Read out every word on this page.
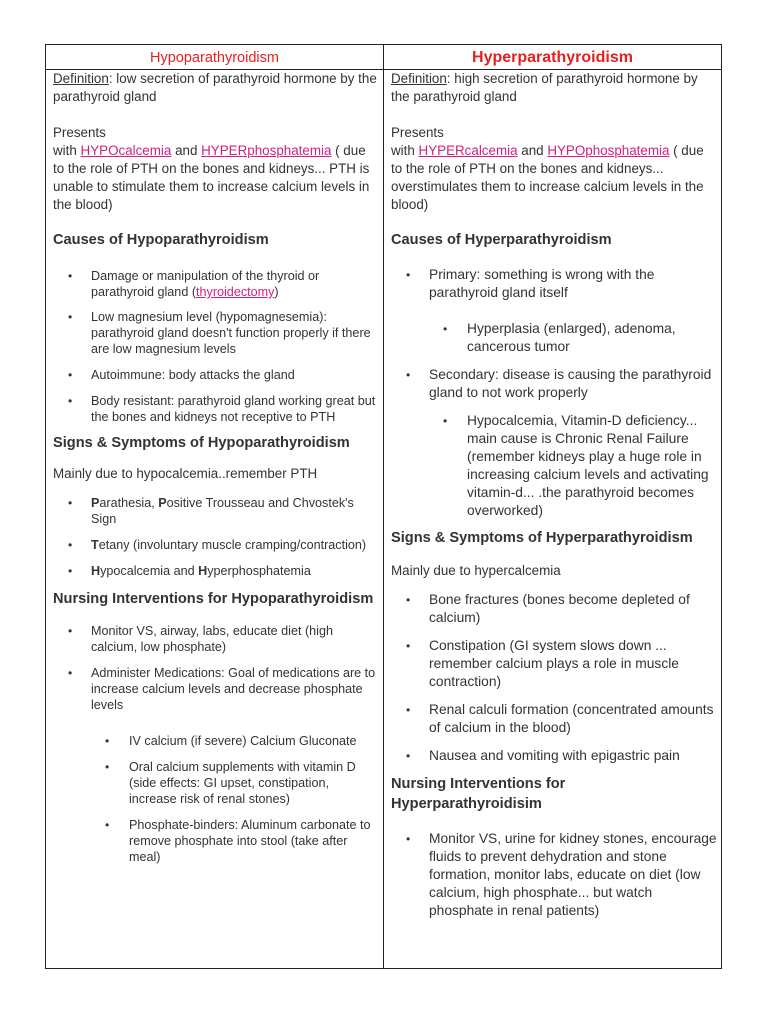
Hypoparathyroidism	Hyperparathyroidism

Definition: low secretion of parathyroid hormone by the parathyroid gland

Presents

with HYPOcalcemia and HYPERphosphatemia ( due to the role of PTH on the bones and kidneys... PTH is unable to stimulate them to increase calcium levels in the blood)

Causes of Hypoparathyroidism

• Damage or manipulation of the thyroid or parathyroid gland (thyroidectomy)
• Low magnesium level (hypomagnesemia): parathyroid gland doesn't function properly if there are low magnesium levels
• Autoimmune: body attacks the gland
• Body resistant: parathyroid gland working great but the bones and kidneys not receptive to PTH

Signs & Symptoms of Hypoparathyroidism

Mainly due to hypocalcemia..remember PTH

• Parathesia, Positive Trousseau and Chvostek's Sign
• Tetany (involuntary muscle cramping/contraction)
• Hypocalcemia and Hyperphosphatemia

Nursing Interventions for Hypoparathyroidism

• Monitor VS, airway, labs, educate diet (high calcium, low phosphate)
• Administer Medications: Goal of medications are to increase calcium levels and decrease phosphate levels
• IV calcium (if severe) Calcium Gluconate
• Oral calcium supplements with vitamin D (side effects: GI upset, constipation, increase risk of renal stones)
• Phosphate-binders: Aluminum carbonate to remove phosphate into stool (take after meal)

Definition: high secretion of parathyroid hormone by the parathyroid gland

Presents

with HYPERcalcemia and HYPOphosphatemia ( due to the role of PTH on the bones and kidneys... overstimulates them to increase calcium levels in the blood)

Causes of Hyperparathyroidism

• Primary: something is wrong with the parathyroid gland itself
• Hyperplasia (enlarged), adenoma, cancerous tumor
• Secondary: disease is causing the parathyroid gland to not work properly
• Hypocalcemia, Vitamin-D deficiency... main cause is Chronic Renal Failure (remember kidneys play a huge role in increasing calcium levels and activating vitamin-d... .the parathyroid becomes overworked)

Signs & Symptoms of Hyperparathyroidism

Mainly due to hypercalcemia

• Bone fractures (bones become depleted of calcium)
• Constipation (GI system slows down ... remember calcium plays a role in muscle contraction)
• Renal calculi formation (concentrated amounts of calcium in the blood)
• Nausea and vomiting with epigastric pain

Nursing Interventions for Hyperparathyroidisim

• Monitor VS, urine for kidney stones, encourage fluids to prevent dehydration and stone formation, monitor labs, educate on diet (low calcium, high phosphate... but watch phosphate in renal patients)
